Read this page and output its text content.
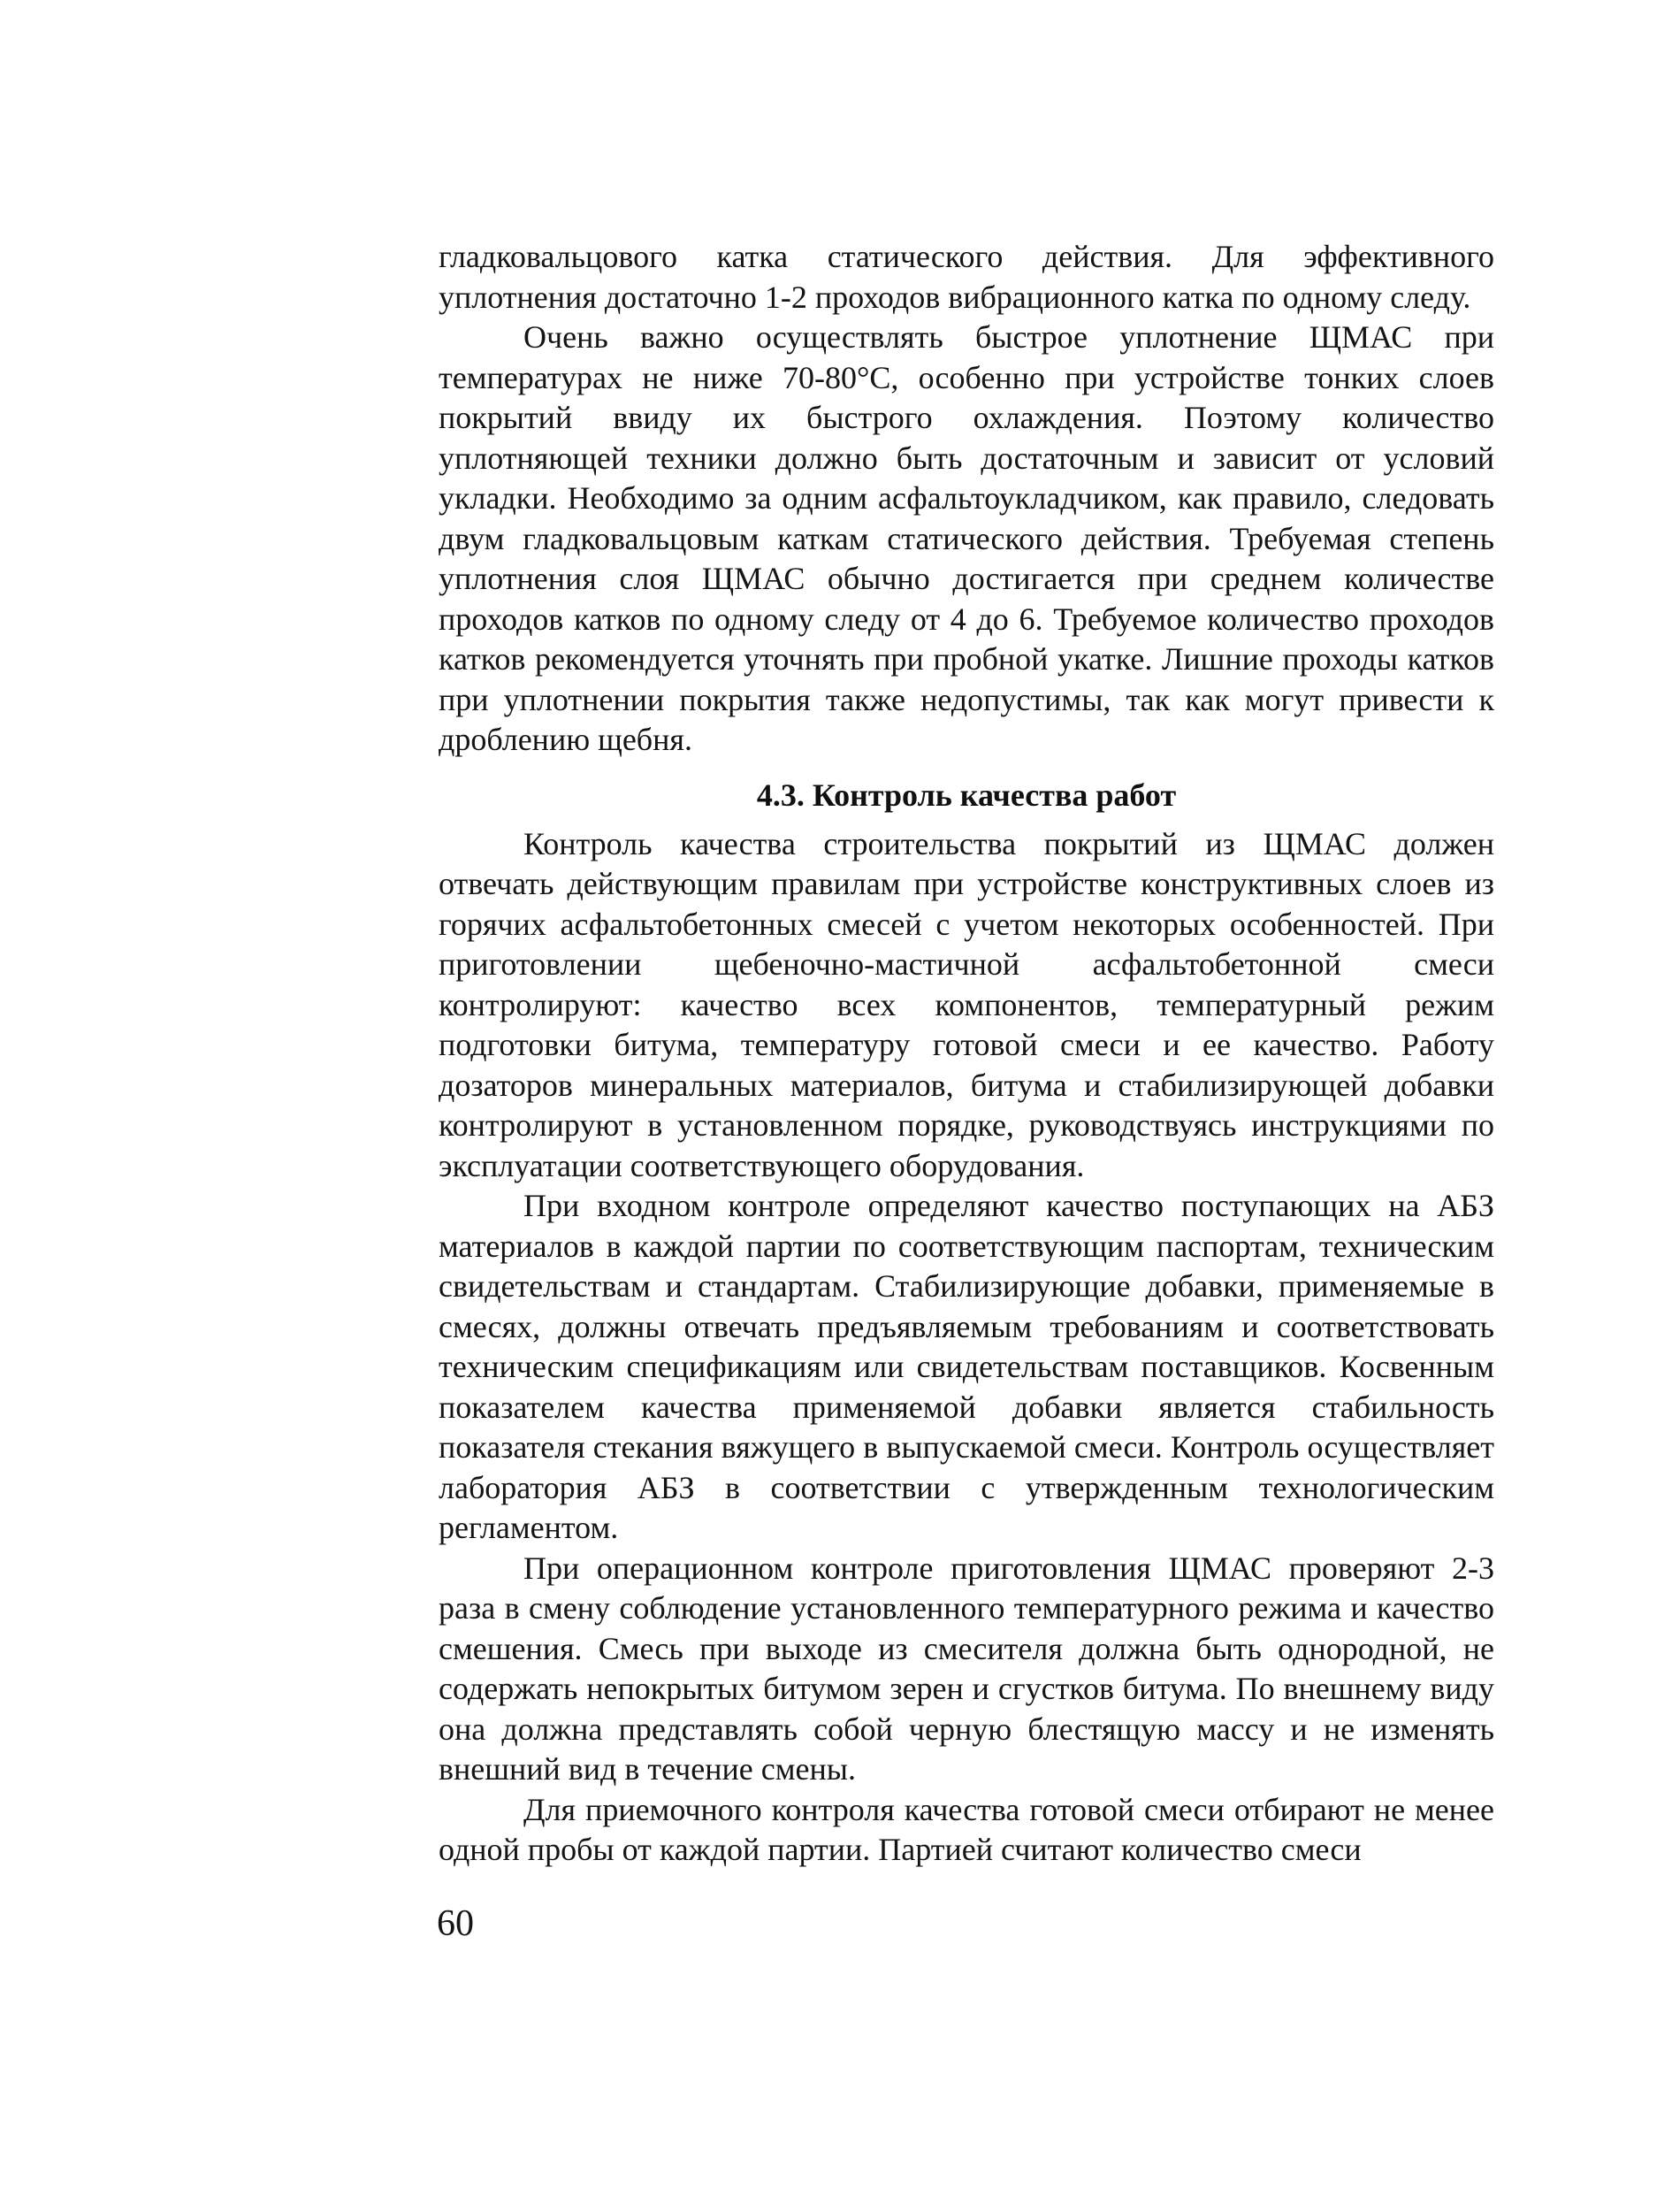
гладковальцового катка статического действия. Для эффективного уплотнения достаточно 1-2 проходов вибрационного катка по одному следу.

Очень важно осуществлять быстрое уплотнение ЩМАС при температурах не ниже 70-80°С, особенно при устройстве тонких слоев покрытий ввиду их быстрого охлаждения. Поэтому количество уплотняющей техники должно быть достаточным и зависит от условий укладки. Необходимо за одним асфальтоукладчиком, как правило, следовать двум гладковальцовым каткам статического действия. Требуемая степень уплотнения слоя ЩМАС обычно достигается при среднем количестве проходов катков по одному следу от 4 до 6. Требуемое количество проходов катков рекомендуется уточнять при пробной укатке. Лишние проходы катков при уплотнении покрытия также недопустимы, так как могут привести к дроблению щебня.

4.3. Контроль качества работ

Контроль качества строительства покрытий из ЩМАС должен отвечать действующим правилам при устройстве конструктивных слоев из горячих асфальтобетонных смесей с учетом некоторых особенностей. При приготовлении щебеночно-мастичной асфальтобетонной смеси контролируют: качество всех компонентов, температурный режим подготовки битума, температуру готовой смеси и ее качество. Работу дозаторов минеральных материалов, битума и стабилизирующей добавки контролируют в установленном порядке, руководствуясь инструкциями по эксплуатации соответствующего оборудования.

При входном контроле определяют качество поступающих на АБЗ материалов в каждой партии по соответствующим паспортам, техническим свидетельствам и стандартам. Стабилизирующие добавки, применяемые в смесях, должны отвечать предъявляемым требованиям и соответствовать техническим спецификациям или свидетельствам поставщиков. Косвенным показателем качества применяемой добавки является стабильность показателя стекания вяжущего в выпускаемой смеси. Контроль осуществляет лаборатория АБЗ в соответствии с утвержденным технологическим регламентом.

При операционном контроле приготовления ЩМАС проверяют 2-3 раза в смену соблюдение установленного температурного режима и качество смешения. Смесь при выходе из смесителя должна быть однородной, не содержать непокрытых битумом зерен и сгустков битума. По внешнему виду она должна представлять собой черную блестящую массу и не изменять внешний вид в течение смены.

Для приемочного контроля качества готовой смеси отбирают не менее одной пробы от каждой партии. Партией считают количество смеси

60
